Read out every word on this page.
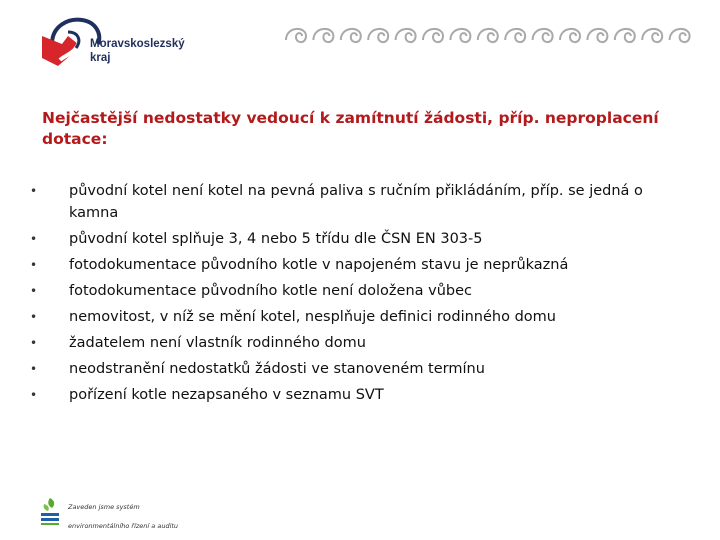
Moravskoslezský
kraj
Nejčastější nedostatky vedoucí k zamítnutí žádosti, příp. neproplacení dotace:
• původní kotel není kotel na pevná paliva s ručním přikládáním, příp. se jedná o kamna
• původní kotel splňuje 3, 4 nebo 5 třídu dle ČSN EN 303-5
• fotodokumentace původního kotle v napojeném stavu je neprůkazná
• fotodokumentace původního kotle není doložena vůbec
• nemovitost, v níž se mění kotel, nesplňuje definici rodinného domu
• žadatelem není vlastník rodinného domu
• neodstranění nedostatků žádosti ve stanoveném termínu
• pořízení kotle nezapsaného v seznamu SVT
Zaveden jsme systém
environmentálního řízení a auditu
